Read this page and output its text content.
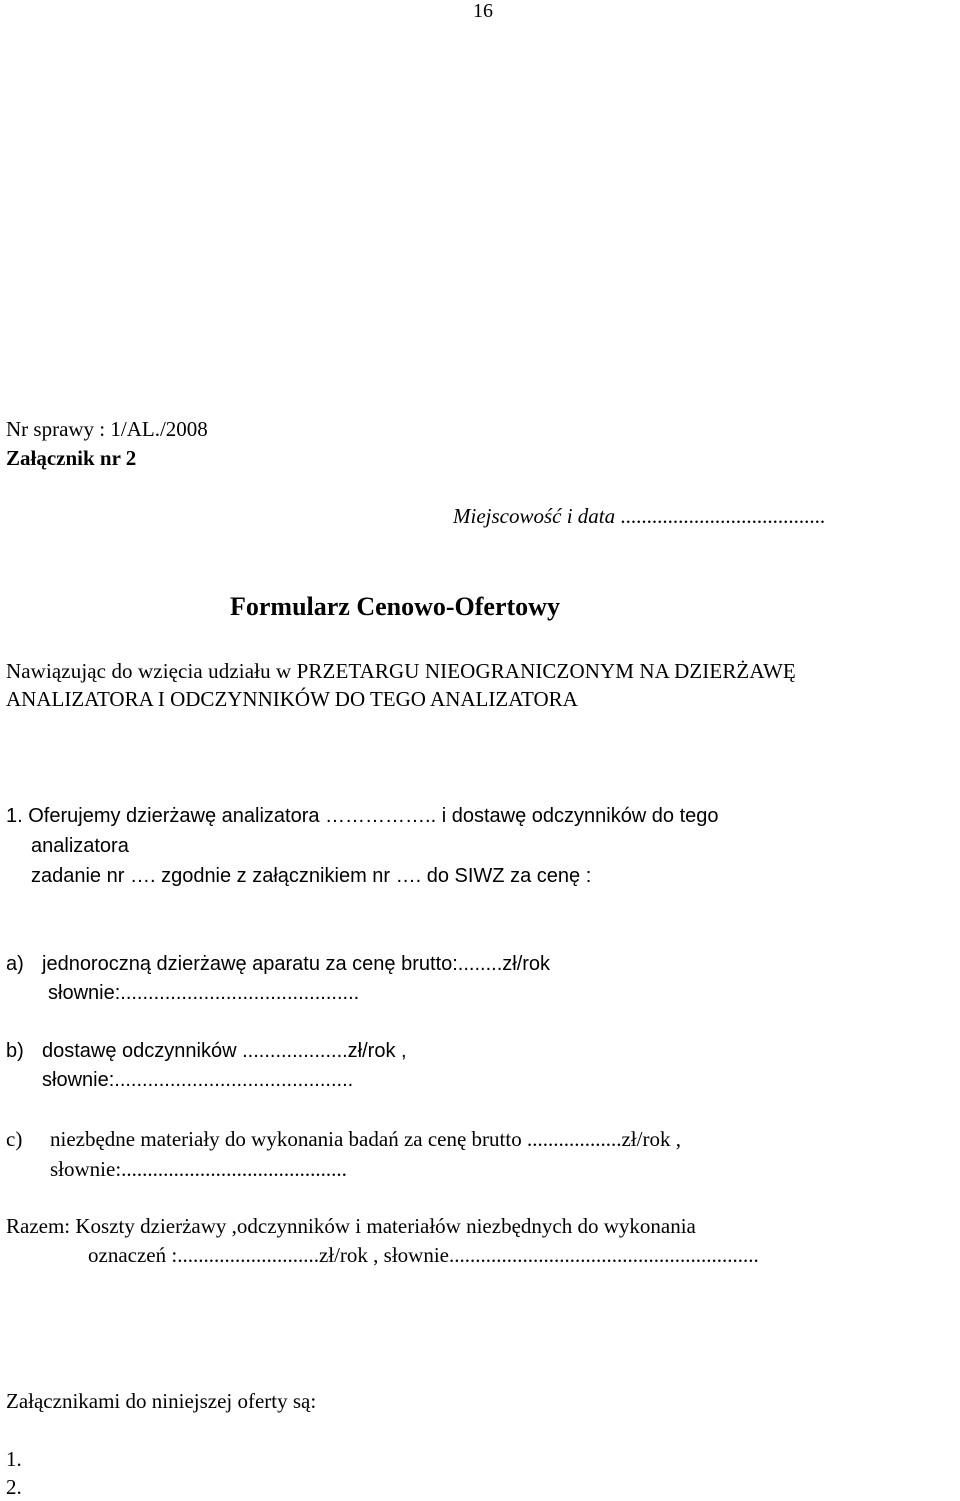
16
Nr sprawy : 1/AL./2008
Załącznik nr 2
Miejscowość i data .......................................
Formularz Cenowo-Ofertowy
Nawiązując do wzięcia udziału w PRZETARGU NIEOGRANICZONYM NA DZIERŻAWĘ
ANALIZATORA I ODCZYNNIKÓW DO TEGO ANALIZATORA
1. Oferujemy dzierżawę analizatora …………….. i dostawę odczynników do tego
analizatora
zadanie nr …. zgodnie z załącznikiem nr …. do SIWZ za cenę :
a) jednoroczną dzierżawę aparatu za cenę brutto:........zł/rok
słownie:...........................................
b) dostawę odczynników ...................zł/rok ,
słownie:...........................................
c) niezbędne materiały do wykonania badań za cenę brutto ..................zł/rok ,
słownie:...........................................
Razem: Koszty dzierżawy ,odczynników i materiałów niezbędnych do wykonania
oznaczeń :...........................zł/rok , słownie...........................................................
Załącznikami do niniejszej oferty są:
1.
2.
